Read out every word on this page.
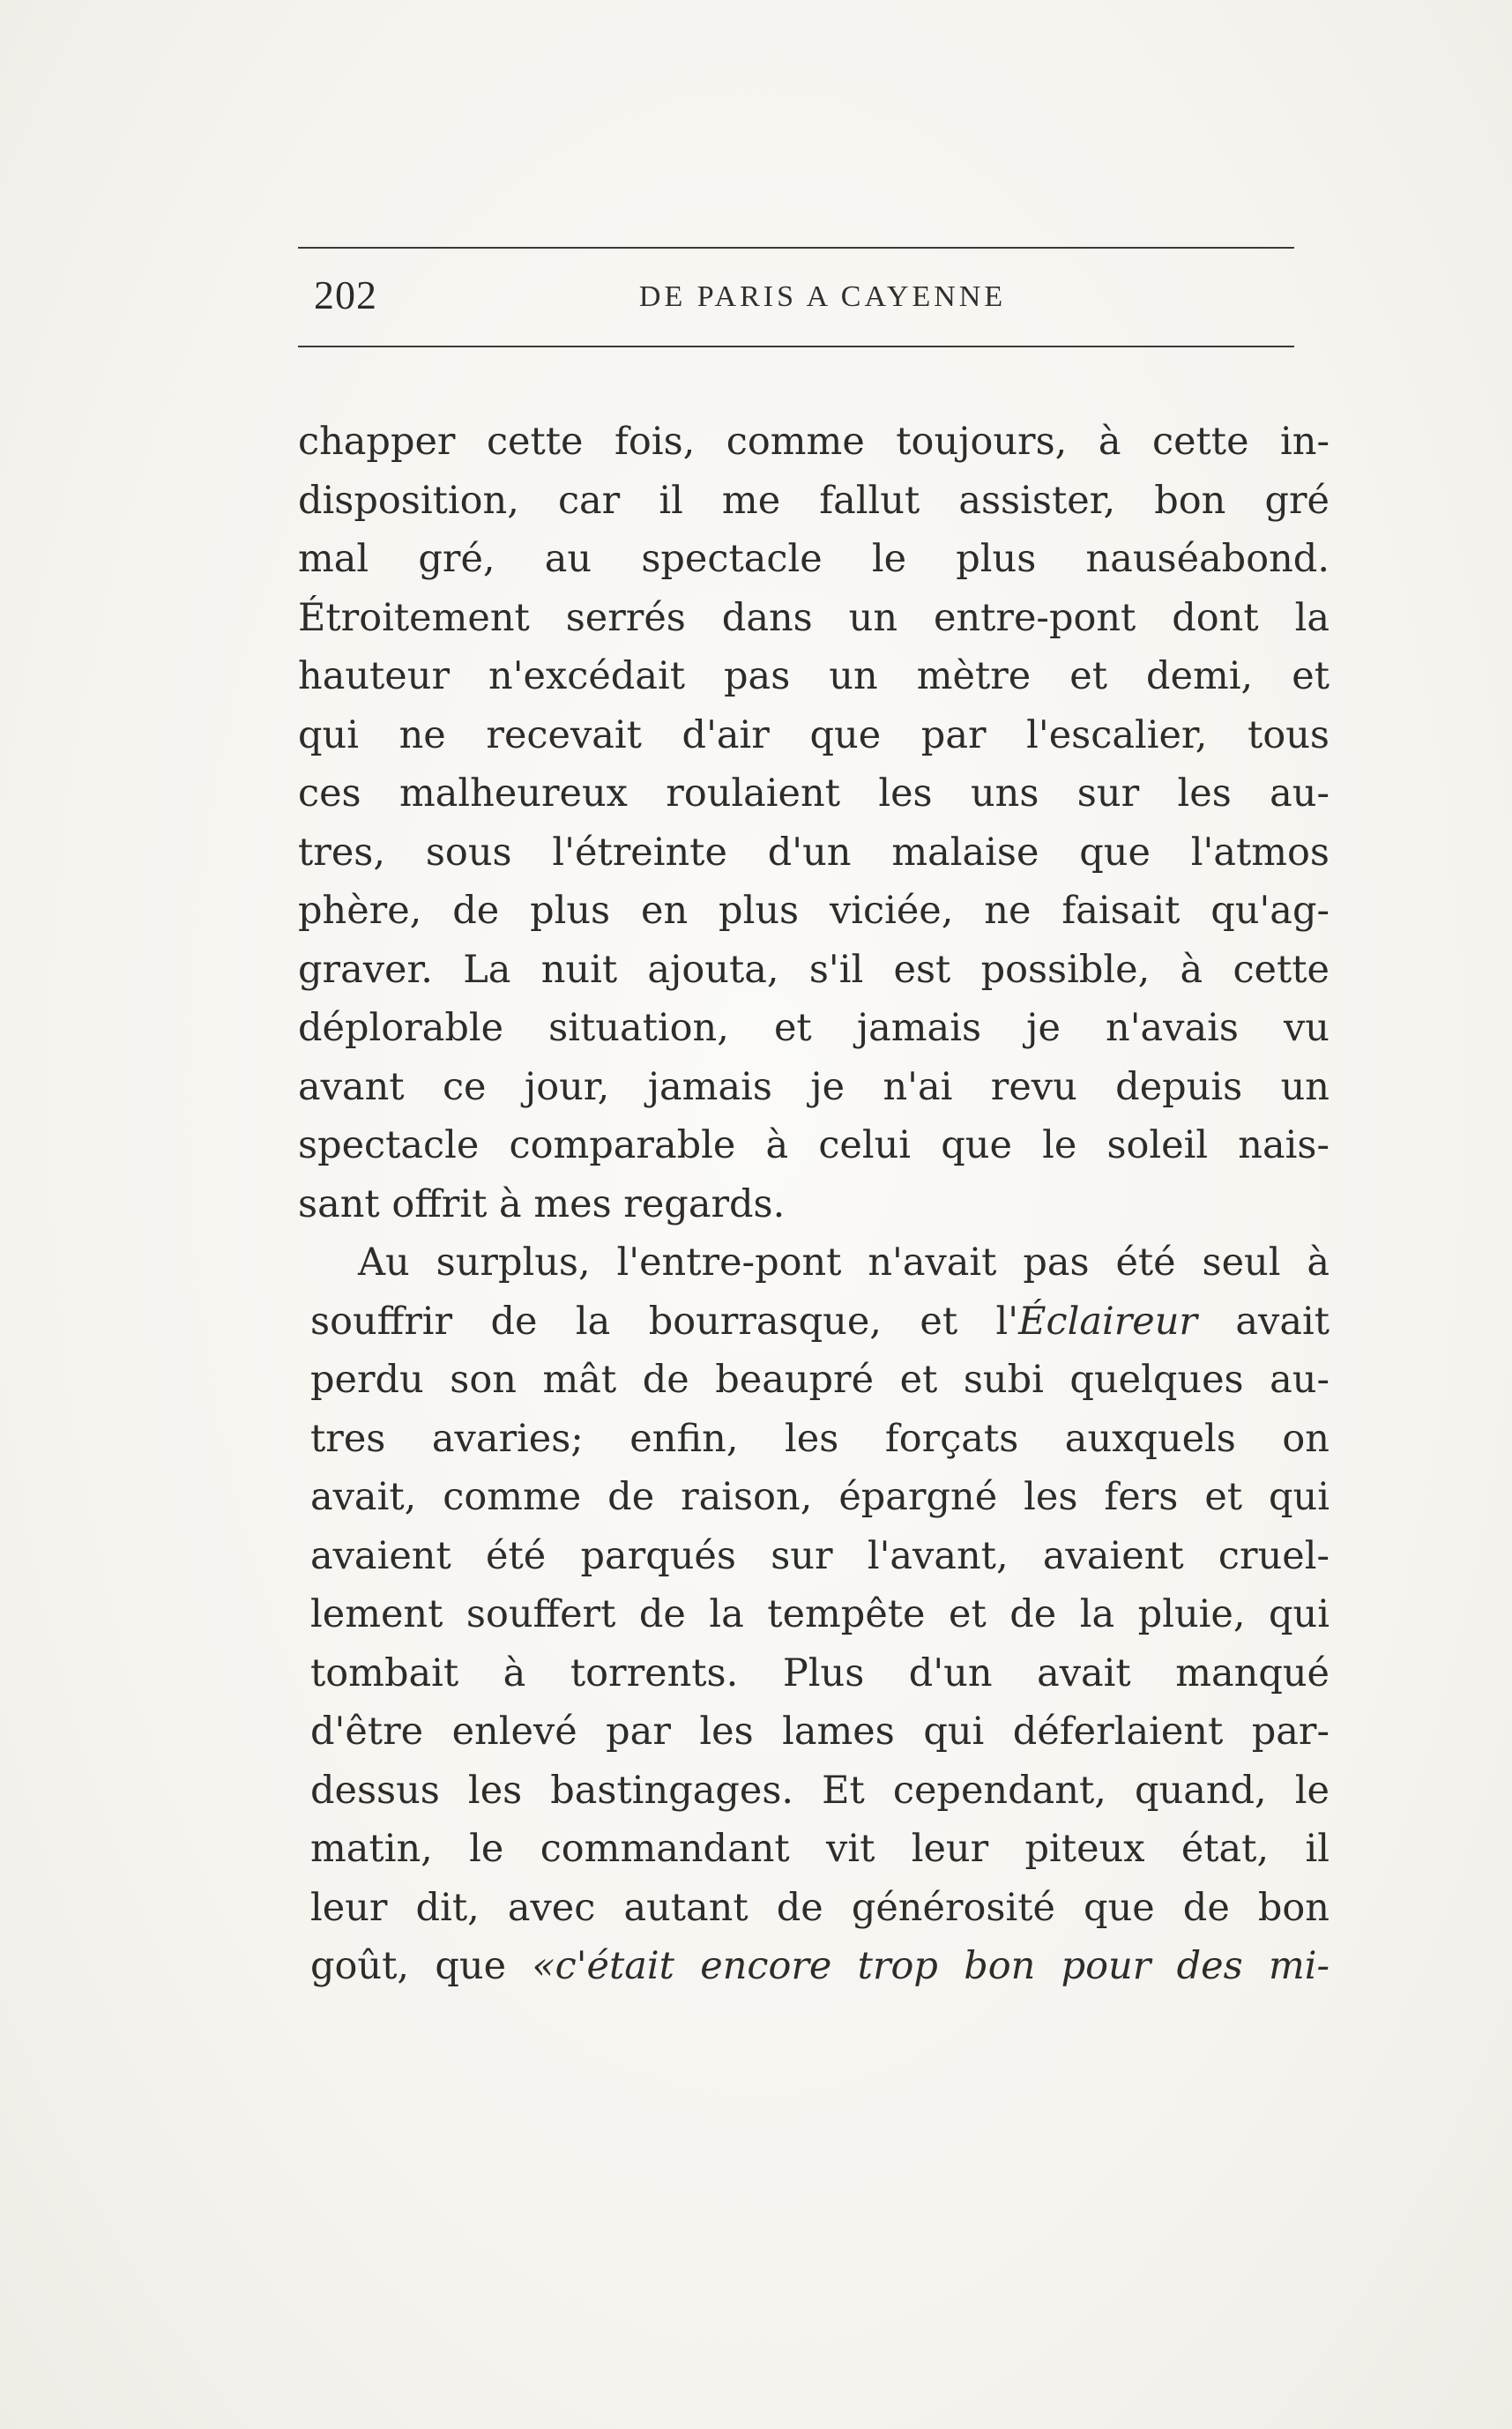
202	DE PARIS A CAYENNE
chapper cette fois, comme toujours, à cette in-
disposition, car il me fallut assister, bon gré
mal gré, au spectacle le plus nauséabond.
Étroitement serrés dans un entre-pont dont la
hauteur n'excédait pas un mètre et demi, et
qui ne recevait d'air que par l'escalier, tous
ces malheureux roulaient les uns sur les au-
tres, sous l'étreinte d'un malaise que l'atmos
phère, de plus en plus viciée, ne faisait qu'ag-
graver. La nuit ajouta, s'il est possible, à cette
déplorable situation, et jamais je n'avais vu
avant ce jour, jamais je n'ai revu depuis un
spectacle comparable à celui que le soleil nais-
sant offrit à mes regards.
Au surplus, l'entre-pont n'avait pas été seul à
souffrir de la bourrasque, et l'Éclaireur avait
perdu son mât de beaupré et subi quelques au-
tres avaries; enfin, les forçats auxquels on
avait, comme de raison, épargné les fers et qui
avaient été parqués sur l'avant, avaient cruel-
lement souffert de la tempête et de la pluie, qui
tombait à torrents. Plus d'un avait manqué
d'être enlevé par les lames qui déferlaient par-
dessus les bastingages. Et cependant, quand, le
matin, le commandant vit leur piteux état, il
leur dit, avec autant de générosité que de bon
goût, que «c'était encore trop bon pour des mi-
